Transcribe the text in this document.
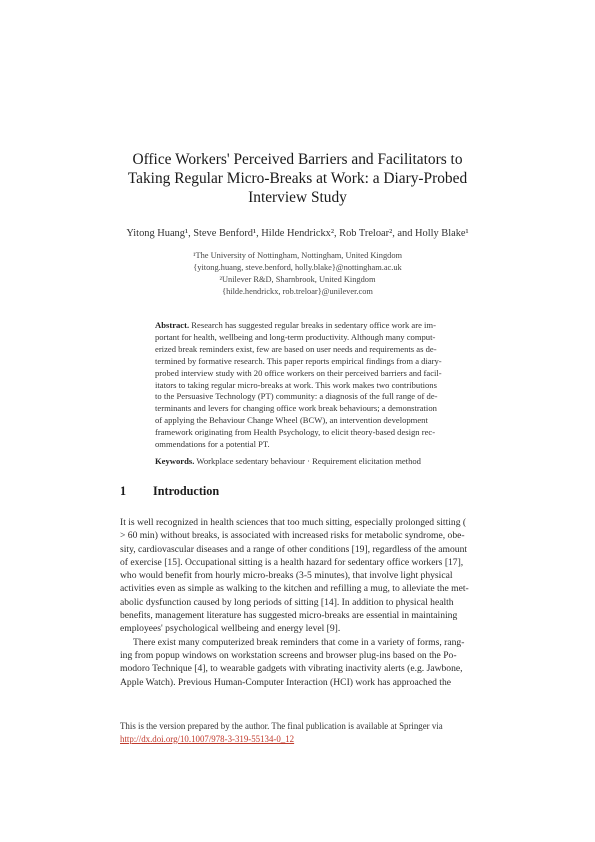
Office Workers' Perceived Barriers and Facilitators to
Taking Regular Micro-Breaks at Work: a Diary-Probed
Interview Study
Yitong Huang¹, Steve Benford¹, Hilde Hendrickx², Rob Treloar², and Holly Blake¹
¹The University of Nottingham, Nottingham, United Kingdom
{yitong.huang, steve.benford, holly.blake}@nottingham.ac.uk
²Unilever R&D, Sharnbrook, United Kingdom
{hilde.hendrickx, rob.treloar}@unilever.com
Abstract. Research has suggested regular breaks in sedentary office work are im-
portant for health, wellbeing and long-term productivity. Although many comput-
erized break reminders exist, few are based on user needs and requirements as de-
termined by formative research. This paper reports empirical findings from a diary-
probed interview study with 20 office workers on their perceived barriers and facil-
itators to taking regular micro-breaks at work. This work makes two contributions
to the Persuasive Technology (PT) community: a diagnosis of the full range of de-
terminants and levers for changing office work break behaviours; a demonstration
of applying the Behaviour Change Wheel (BCW), an intervention development
framework originating from Health Psychology, to elicit theory-based design rec-
ommendations for a potential PT.
Keywords. Workplace sedentary behaviour · Requirement elicitation method
1 Introduction
It is well recognized in health sciences that too much sitting, especially prolonged sitting (
> 60 min) without breaks, is associated with increased risks for metabolic syndrome, obe-
sity, cardiovascular diseases and a range of other conditions [19], regardless of the amount
of exercise [15]. Occupational sitting is a health hazard for sedentary office workers [17],
who would benefit from hourly micro-breaks (3-5 minutes), that involve light physical
activities even as simple as walking to the kitchen and refilling a mug, to alleviate the met-
abolic dysfunction caused by long periods of sitting [14]. In addition to physical health
benefits, management literature has suggested micro-breaks are essential in maintaining
employees' psychological wellbeing and energy level [9].
There exist many computerized break reminders that come in a variety of forms, rang-
ing from popup windows on workstation screens and browser plug-ins based on the Po-
modoro Technique [4], to wearable gadgets with vibrating inactivity alerts (e.g. Jawbone,
Apple Watch). Previous Human-Computer Interaction (HCI) work has approached the
This is the version prepared by the author. The final publication is available at Springer via
http://dx.doi.org/10.1007/978-3-319-55134-0_12
